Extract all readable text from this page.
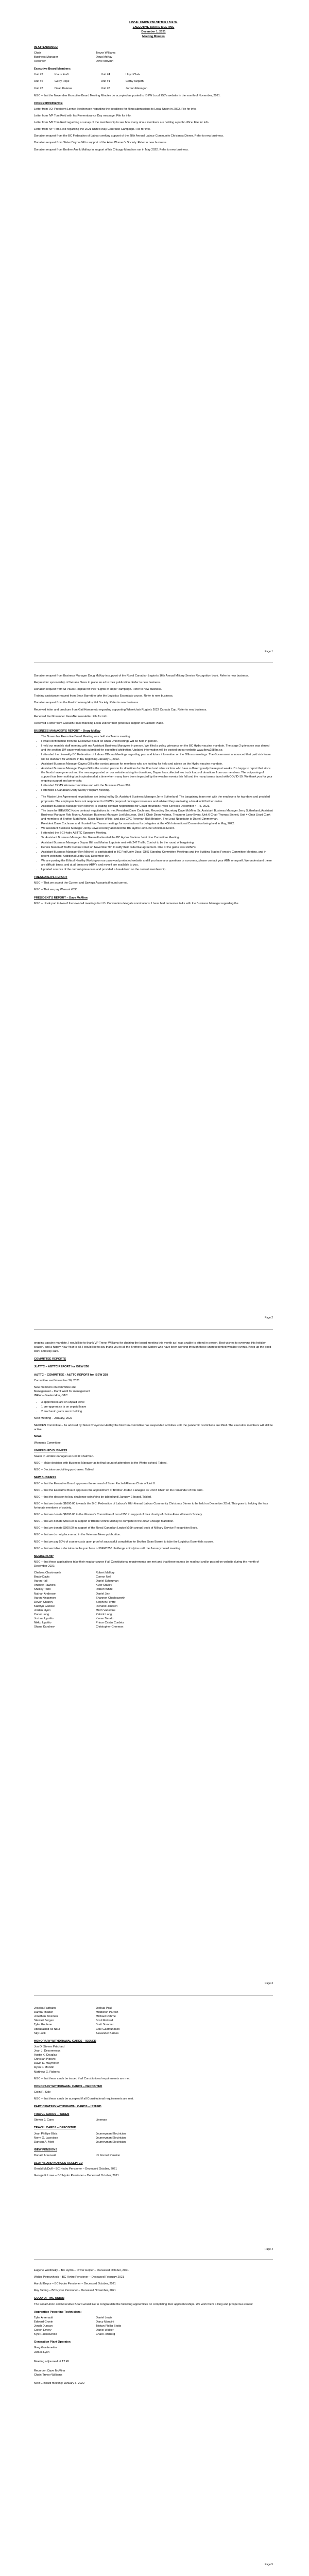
LOCAL UNION 258 OF THE I.B.E.W.

EXECUTIVE BOARD MEETING

December 1, 2021

Meeting Minutes

IN ATTENDANCE:
Chair	Trevor Williams
Business Manager	Doug McKay
Recorder	Dave McMinn
Executive Board Members:
Unit #7	Klaus Kraft	Unit #4	Lloyd Clark
Unit #2	Gerry Pope	Unit #1	Cathy Tarpeth
Unit #3	Dean Kolaras	Unit #8	Jordan Flanagan

MSC – that the November Executive Board Meeting Minutes be accepted as posted to IBEW Local 258's website in the month of November, 2021.

CORRESPONDENCE

Letter from I.O. President Lonnie Stephenson regarding the deadlines for filing submissions to Local Union in 2022. File for info.

Letter from IVP Tom Reid with his Remembrance Day message. File for info.

Letter from IVP Tom Reid regarding a survey of the membership to see how many of our members are holding a public office. File for info.

Letter from IVP Tom Reid regarding the 2021 United Way Centraide Campaign. File for info.

Donation request from the BC Federation of Labour seeking support of the 28th Annual Labour Community Christmas Dinner. Refer to new business.

Donation request from Sister Dayna Gill in support of the Alma Women's Society. Refer to new business.

Donation request from Brother Amrik Malhay in support of his Chicago Marathon run in May 2022. Refer to new business.

Page 1

Donation request from Business Manager Doug McKay in support of the Royal Canadian Legion's 16th Annual Military Service Recognition book. Refer to new business.

Request for sponsorship of Vetrans News to place an ad in their publication. Refer to new business.

Donation request from St Paul's Hospital for their "Lights of Hope" campaign. Refer to new business.

Training assistance request from Sean Barrett to take the Logistics Essentials course. Refer to new business.

Donation request from the East Kootenay Hospital Society. Refer to new business.

Received letter and brochure from Gail Hamamoto regarding supporting Wheelchair Rugby's 2022 Canada Cup. Refer to new business.

Received the November NewsNet newsletter. File for info.

Received a letter from Calouch Place thanking Local 258 for their generous support of Calouch Place.

BUSINESS MANAGER'S REPORT – Doug McKay
• The November Executive Board Meeting was held via Teams meeting.
• I await confirmation from the Executive Board on when Unit meetings will be held in person.
• I held our monthly staff meeting with my Assistant Business Managers in person. We filled a policy grievance on the BC Hydro vaccine mandate. The stage 2 grievance was denied and the section 104 paperwork was submitted for expedited arbitration. Updated information will be posted on our website www.ibew258.bc.ca
• I attended the bi-weekly BC Federation of Labour Officers Meetings regarding past and future information on the Officers meetings. The Government announced that paid sick leave will be standard for workers in BC beginning January 1, 2022.
• Assistant Business Manager Dayna Gill is the contact person for members who are looking for help and advice on the Hydro vaccine mandate.
• Assistant Business Manager Dayna Gill is the contact person for donations for the flood and other victims who have suffered greatly these past weeks. I'm happy to report that since the floods have gone out and the message posted on our website asking for donations, Dayna has collected two truck loads of donations from our members. The outpouring of support has been nothing but inspirational at a time when many have been impacted by the weather events this fall and the many issues faced with COVID-19. We thank you for your ongoing support and generosity.
• I attended TRMS Women committee and with the Business Class 301.
• I attended a Canadian Utility Safety Program Meeting.
• The Master Line Agreement negotiations are being led by Sr. Assistant Business Manager Jerry Sutherland. The bargaining team met with the employers for two days and provided proposals. The employers have not responded to IBEW's proposal on wages increases and advised they are taking a break until further notice.
• Assistant Business Manager Ken Mitchell is leading contract negotiations for Coast Mountain Hydro Services December 4 – 5, 2021.
• The team for IBEW/BC Hydro contract negotiations is: me, President Dave Cochrane, Recording Secretary Dave McMinn, Sr. Assistant Business Manager Jerry Sutherland, Assistant Business Manager Rob Munro, Assistant Business Manager Lori MacLean, Unit 3 Chair Dean Kolaras, Treasurer Larry Byers, Unit 6 Chair Thomas Sinnett, Unit 4 Chair Lloyd Clark and members of Brother Matt Kuhn, Sister Nicole Wilkie, and also CPC Foreman Rick Brigden. The Lead Negotiator is Darrell Zimmerman.
• President Dave Cochrane and I hosted four Teams meetings for nominations for delegates at the 40th International Convention being held in May, 2022.
• We Assistant Business Manager Jenny Lowe recently attended the BC Hydro Fort Line Christmas Event.
• I attended the BC Hydro ABTTC Sponsors Meeting.
• Sr. Assistant Business Manager Jim Greenall attended the BC Hydro Stations Joint Line Committee Meeting.
• Assistant Business Managers Dayna Gill and Marina Lapointe met with 247 Traffic Control to be the round of bargaining.
• Dennis Mason of Traffic Control voted on November 9th to ratify their collective agreement. One of the gains was RRSP's.
• Assistant Business Manager Ken Mitchell to participated in BC Fed Unity Days: OHS Standing Committee Meetings and the Building Trades Forestry Committee Meeting, and in recent webinars. Additional Lobby Day December 8th.
• We are posting the Ethical Healthy Working on our password protected website and if you have any questions or concerns, please contact your ABM or myself. We understand these are difficult times, and at all times my ABM's and myself are available to you.
• Updated sources of the current grievances and provided a breakdown on the current membership.
TREASURER'S REPORT

MSC – That we accept the Current and Savings Accounts if found correct.

MSC – That we pay Warrant #833

PRESIDENT'S REPORT – Dave McMinn

MSC – I took part in two of the townhall meetings for I.O. Convention delegate nominations. I have had numerous talks with the Business Manager regarding the

Page 2

ongoing vaccine mandate. I would like to thank VP Trevor Williams for chairing the board meeting this month as I was unable to attend in person. Best wishes to everyone this holiday season, and a happy New Year to all. I would like to say thank you to all the Brothers and Sisters who have been working through these unprecedented weather events. Keep up the good work and stay safe.

COMMITTEE REPORTS
JLATTC – ABTTC REPORT for IBEW 258
A&TTC – COMMITTEE - A&TTC REPORT for IBEW 258

Committee met November 26, 2021.

New members on committee are:

Management – Darol Woitt for management

IBEW – Gaelen Hon, OTC

• 3 apprentices are on unpaid leave
• 1 pre-apprentice is on unpaid leave
• 2 mechanic grads are in holding

Next Meeting – January, 2022

NEXCEN Committee – As advised by Sister Cheyenne Hartley the NexCen committee has suspended activities until the pandemic restrictions are lifted. The executive members will still be active.

News

Women's Committee

UNFINISHED BUSINESS

Swear in Jordan Flanagan as Unit 8 Chairman.

MSC – Make decision with Business Manager as to final count of attendees to the Winter school. Tabled.

MSC – Decision on clothing purchases. Tabled.

NEW BUSINESS

MSC – that the Executive Board approves the removal of Sister Rachel Allan as Chair of Unit 8.

MSC – that the Executive Board approves the appointment of Brother Jordan Flanagan as Unit 8 Chair for the remainder of this term.

MSC – that the decision to buy challenge coins/pins be tabled until January E-board. Tabled.

MSC – that we donate $1000.00 towards the B.C. Federation of Labour's 28th Annual Labour Community Christmas Dinner to be held on December 22nd. This goes to helping the less fortunate members of society.

MSC – that we donate $1000.00 to the Women's Committee of Local 258 in support of their charity of choice Alma Women's Society.

MSC – that we donate $500.00 in support of Brother Amrik Malhay to compete in the 2022 Chicago Marathon.

MSC – that we donate $500.00 in support of the Royal Canadian Legion's16th annual book of Military Service Recognition Book.

MSC – that we do not place an ad in the Veterans News publication.

MSC – that we pay 50% of course costs upon proof of successful completion for Brother Sean Barrett to take the Logistics Essentials course.

MSC – that we table a decision on the purchase of IBEW 258 challenge coins/pins until the January board meeting.

MEMBERSHIP

MSC – that these applications take their regular course if all Constitutional requirements are met and that these names be read out and/or posted on website during the month of December 2021:

Chelsea Chartreweth	Robert Mallory
Brady Davis	Connor Neil
Aaron Hall	Daniel Scheuman
Andrew Hawkins	Kyler Stakey
Shelley Todd	Robert White
Nathan Anderson	Daniel Jinn
Aaron Kingsmore	Shannon Charlesworth
Devon Chaney	Stephen Fentre
Kathryn Ganske	Richard Hendren
Jordan Flynn	Mitch Vanstone
Conor Long	Patrick Lang
Joshua Ippolito	Kevan Tonalo
Nikko Ippolito	Prince Cristin Cordeta
Shane Kandrew	Christopher Creemon
Page 3
Jessica Fairbairn	Joshua Paul
Dantra Thaden	Middleton Parrish
Jonathan Kinsmen	Michael Rahme
Stewart Bergen	Scott Rickard
Tyler Goulene	Brett Sommer
Abdulrashid Ali Nour	Cole Gadmundson
Sky Lock	Alexander Barnes
HONORARY WITHDRAWAL CARDS – ISSUED
Jon O. Steven Pritchard
Jean J. Desormeaux
Austin K. Douglas
Christian Pipovic
Davin D. Mayrhofer
Ryan P. Mondin
Matthew G. Roberts

MSC – that these cards be issued if all Constitutional requirements are met.

HONORARY WITHDRAWAL CARDS – DEPOSITED

Colin R. Stile

MSC – that these cards be accepted if all Constitutional requirements are met.

PARTICIPATING WITHDRAWAL CARDS – ISSUED
TRAVEL CARDS – TAKEN
Steven J. Cann	Lineman
TRAVEL CARDS – DEPOSITED
Jean Phillipe Blais	Journeyman Electrician
Norm G. Lacroisse	Journeyman Electrician
Duncan A. Mott	Journeyman Electrician
IBEW PENSIONS
Donald Arsenault	IO Normal Pension
DEATHS AND NOTICES ACCEPTED

Gerald McDuff – BC Hydro Pensioner – Deceased October, 2021

George F. Lowe – BC Hydro Pensioner – Deceased October, 2021

Page 4

Eugene Wodlinsky – BC Hydro – Driver Helper – Deceased October, 2021

Walter Petrovcheck – BC Hydro Pensioner – Deceased February 2021

Harold Boyce – BC Hydro Pensioner – Deceased October, 2021

Roy Tarling – BC Hydro Pensioner – Deceased November, 2021

GOOD OF THE UNION

The Local Union and Executive Board would like to congratulate the following apprentices on completing their apprenticeships. We wish them a long and prosperous career:

Apprentice Powerline Technicians:
Tyler Arsenault	Daniel Lewis
Edward Cronin	Darcy Mancini
Jonah Duncan	Tristan Phillip Stotts
Colton Emery	Daniel Walker
Kyle Hackenwood	Chad Forsberg
Generation Plant Operator:
Greg Goetteneiter
James Lyon

Meeting adjourned at 12:45

Recorder: Dave McMinn
Chair: Trevor Williams

Next E Board meeting: January 5, 2022

Page 5
